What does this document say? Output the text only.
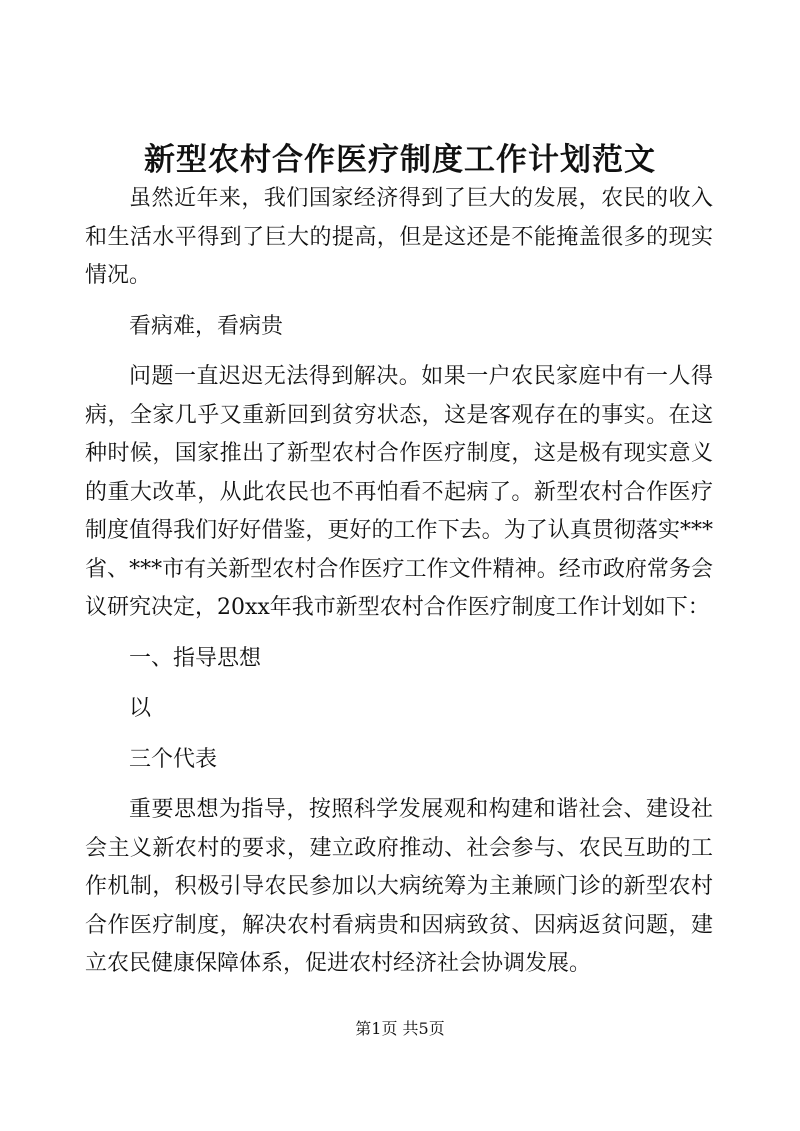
新型农村合作医疗制度工作计划范文

虽然近年来，我们国家经济得到了巨大的发展，农民的收入和生活水平得到了巨大的提高，但是这还是不能掩盖很多的现实情况。

看病难，看病贵

问题一直迟迟无法得到解决。如果一户农民家庭中有一人得病，全家几乎又重新回到贫穷状态，这是客观存在的事实。在这种时候，国家推出了新型农村合作医疗制度，这是极有现实意义的重大改革，从此农民也不再怕看不起病了。新型农村合作医疗制度值得我们好好借鉴，更好的工作下去。为了认真贯彻落实***省、***市有关新型农村合作医疗工作文件精神。经市政府常务会议研究决定，20xx年我市新型农村合作医疗制度工作计划如下：

一、指导思想

以

三个代表

重要思想为指导，按照科学发展观和构建和谐社会、建设社会主义新农村的要求，建立政府推动、社会参与、农民互助的工作机制，积极引导农民参加以大病统筹为主兼顾门诊的新型农村合作医疗制度，解决农村看病贵和因病致贫、因病返贫问题，建立农民健康保障体系，促进农村经济社会协调发展。

第1页 共5页
